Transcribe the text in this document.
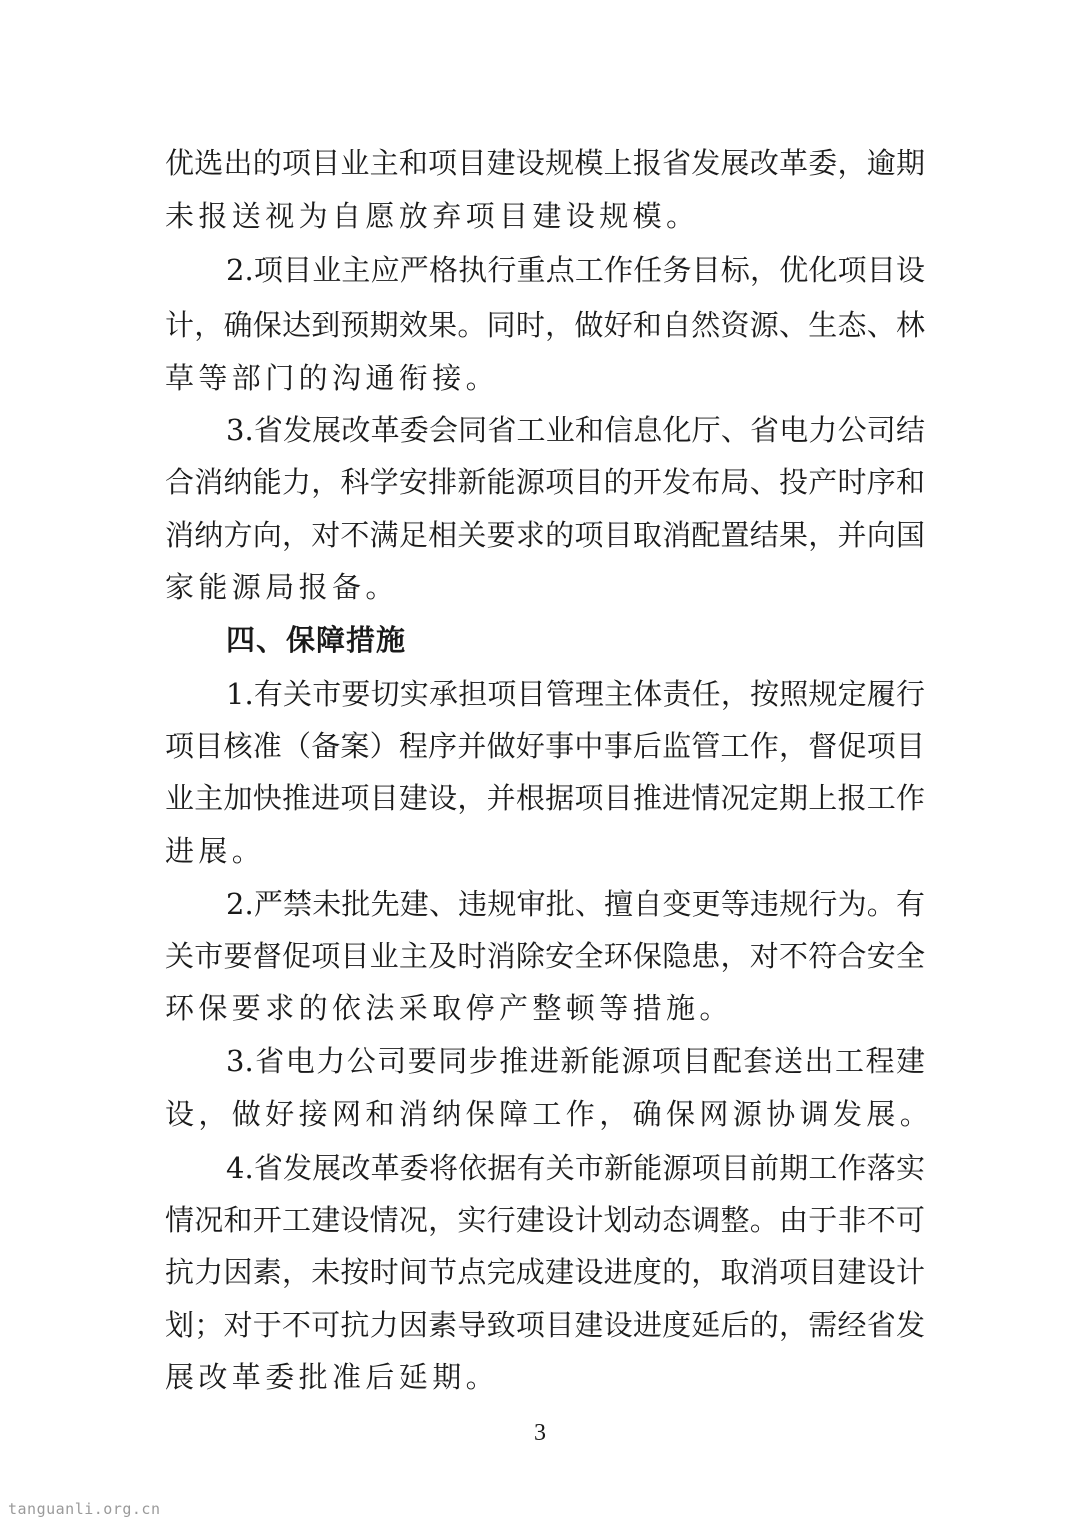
优选出的项目业主和项目建设规模上报省发展改革委，逾期
未报送视为自愿放弃项目建设规模。
2.项目业主应严格执行重点工作任务目标，优化项目设
计，确保达到预期效果。同时，做好和自然资源、生态、林
草等部门的沟通衔接。
3.省发展改革委会同省工业和信息化厅、省电力公司结
合消纳能力，科学安排新能源项目的开发布局、投产时序和
消纳方向，对不满足相关要求的项目取消配置结果，并向国
家能源局报备。
四、保障措施
1.有关市要切实承担项目管理主体责任，按照规定履行
项目核准（备案）程序并做好事中事后监管工作，督促项目
业主加快推进项目建设，并根据项目推进情况定期上报工作
进展。
2.严禁未批先建、违规审批、擅自变更等违规行为。有
关市要督促项目业主及时消除安全环保隐患，对不符合安全
环保要求的依法采取停产整顿等措施。
3.省电力公司要同步推进新能源项目配套送出工程建
设，做好接网和消纳保障工作，确保网源协调发展。
4.省发展改革委将依据有关市新能源项目前期工作落实
情况和开工建设情况，实行建设计划动态调整。由于非不可
抗力因素，未按时间节点完成建设进度的，取消项目建设计
划；对于不可抗力因素导致项目建设进度延后的，需经省发
展改革委批准后延期。
3
tanguanli.org.cn
